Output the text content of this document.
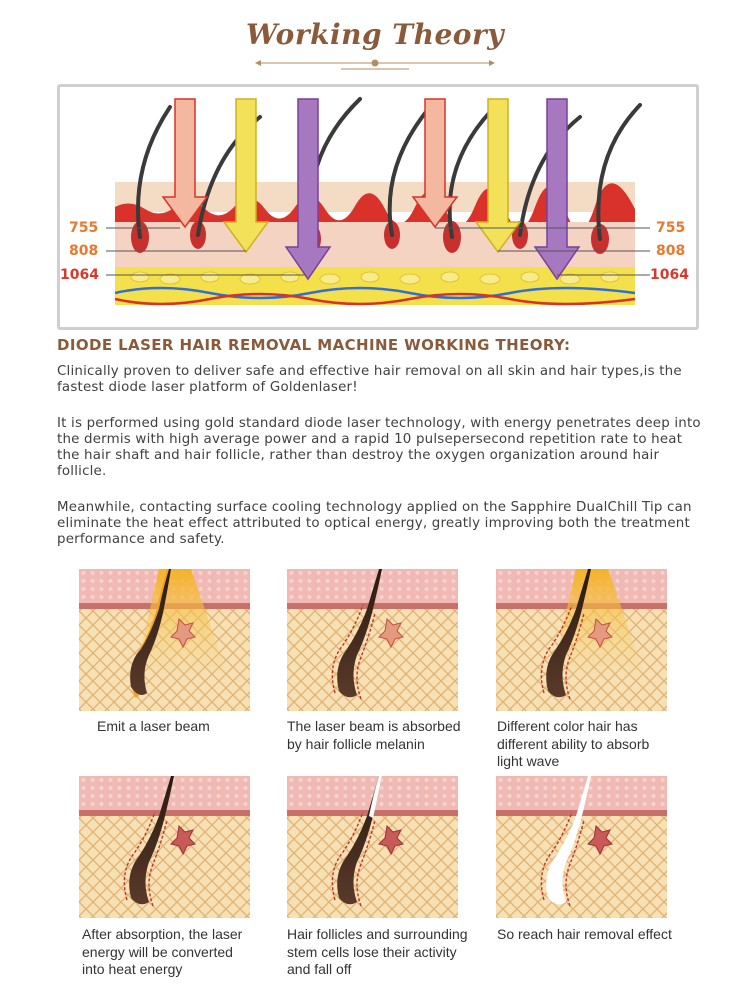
Working Theory
755
808
1064
755
808
1064
DIODE LASER HAIR REMOVAL MACHINE WORKING THEORY:
Clinically proven to deliver safe and effective hair removal on all skin and hair types,is the fastest diode laser platform of Goldenlaser!
It is performed using gold standard diode laser technology, with energy penetrates deep into the dermis with high average power and a rapid 10 pulsepersecond repetition rate to heat the hair shaft and hair follicle, rather than destroy the oxygen organization around hair follicle.
Meanwhile, contacting surface cooling technology applied on the Sapphire DualChill Tip can eliminate the heat effect attributed to optical energy, greatly improving both the treatment performance and safety.
Emit a laser beam	The laser beam is absorbed by hair follicle melanin
Different color hair has different ability to absorb light wave
After absorption, the laser energy will be converted into heat energy
Hair follicles and surrounding stem cells lose their activity and fall off
So reach hair removal effect
